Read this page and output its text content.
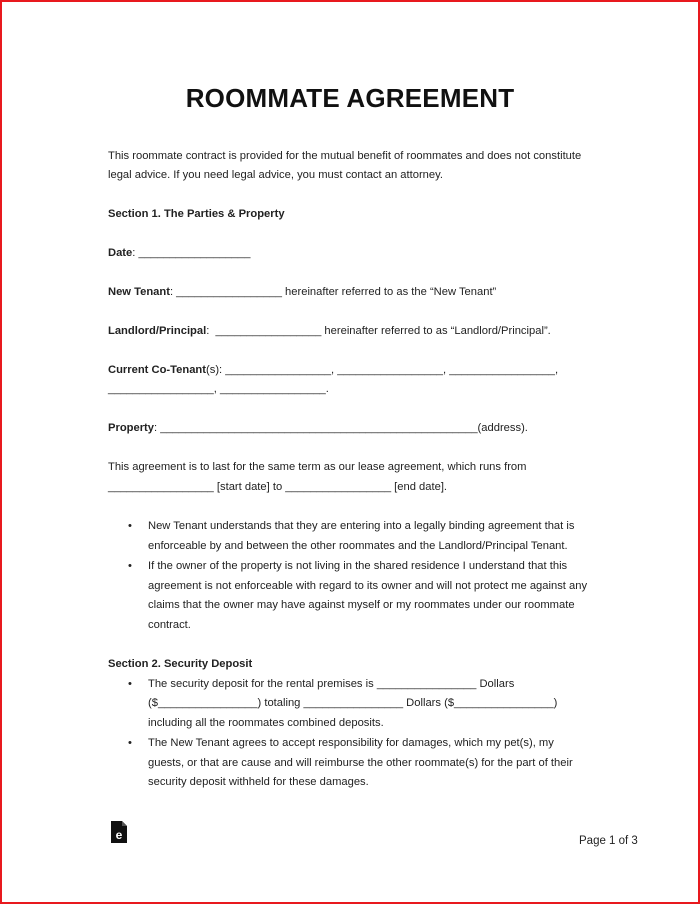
ROOMMATE AGREEMENT
This roommate contract is provided for the mutual benefit of roommates and does not constitute
legal advice. If you need legal advice, you must contact an attorney.
Section 1. The Parties & Property
Date: __________________
New Tenant: _________________ hereinafter referred to as the “New Tenant”
Landlord/Principal:  _________________ hereinafter referred to as “Landlord/Principal”.
Current Co-Tenant(s): _________________, _________________, _________________,
_________________, _________________.
Property: ___________________________________________________(address).
This agreement is to last for the same term as our lease agreement, which runs from
_________________ [start date] to _________________ [end date].
• New Tenant understands that they are entering into a legally binding agreement that is
enforceable by and between the other roommates and the Landlord/Principal Tenant.
• If the owner of the property is not living in the shared residence I understand that this
agreement is not enforceable with regard to its owner and will not protect me against any
claims that the owner may have against myself or my roommates under our roommate
contract.
Section 2. Security Deposit
• The security deposit for the rental premises is ________________ Dollars
($________________) totaling ________________ Dollars ($________________)
including all the roommates combined deposits.
• The New Tenant agrees to accept responsibility for damages, which my pet(s), my
guests, or that are cause and will reimburse the other roommate(s) for the part of their
security deposit withheld for these damages.
e	Page 1 of 3
